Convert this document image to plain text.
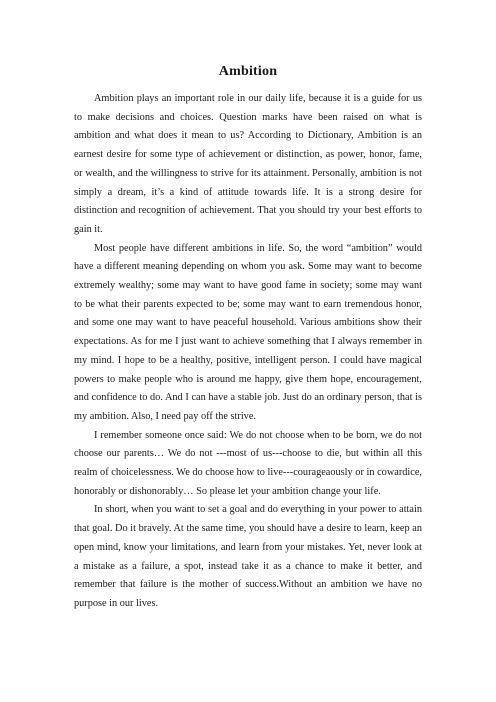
Ambition

Ambition plays an important role in our daily life, because it is a guide for us to make decisions and choices. Question marks have been raised on what is ambition and what does it mean to us? According to Dictionary, Ambition is an earnest desire for some type of achievement or distinction, as power, honor, fame, or wealth, and the willingness to strive for its attainment. Personally, ambition is not simply a dream, it’s a kind of attitude towards life. It is a strong desire for distinction and recognition of achievement. That you should try your best efforts to gain it.

Most people have different ambitions in life. So, the word “ambition” would have a different meaning depending on whom you ask. Some may want to become extremely wealthy; some may want to have good fame in society; some may want to be what their parents expected to be; some may want to earn tremendous honor, and some one may want to have peaceful household. Various ambitions show their expectations. As for me I just want to achieve something that I always remember in my mind. I hope to be a healthy, positive, intelligent person. I could have magical powers to make people who is around me happy, give them hope, encouragement, and confidence to do. And I can have a stable job. Just do an ordinary person, that is my ambition. Also, I need pay off the strive.

I remember someone once said: We do not choose when to be born, we do not choose our parents… We do not ---most of us---choose to die, but within all this realm of choicelessness. We do choose how to live---courageaously or in cowardice, honorably or dishonorably… So please let your ambition change your life.

In short, when you want to set a goal and do everything in your power to attain that goal. Do it bravely. At the same time, you should have a desire to learn, keep an open mind, know your limitations, and learn from your mistakes. Yet, never look at a mistake as a failure, a spot, instead take it as a chance to make it better, and remember that failure is the mother of success.Without an ambition we have no purpose in our lives.
